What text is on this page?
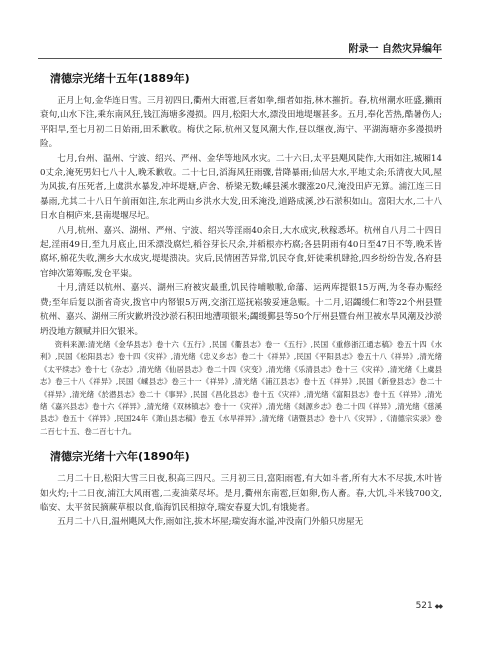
附录一 自然灾异编年
清德宗光绪十五年(1889年)

正月上旬,金华连日雪。三月初四日,衢州大雨雹,巨者如拳,细者如指,林木摧折。春,杭州潮水旺盛,獭雨衰旬,山水下注,乘东南风狂,钱江海塘多漫损。四月,松阳大水,漂没田地堤堰甚多。五月,奉化苦热,酷暑伤人;平阳旱,至七月初二日始雨,田禾歉收。梅伏之际,杭州又复风潮大作,昼以继夜,海宁、平湖海塘亦多漫损坍险。

七月,台州、温州、宁波、绍兴、严州、金华等地风水灾。二十六日,太平县飓风陡作,大雨如注,城厢140丈余,淹死男妇七八十人,晚禾歉收。二十七日,滔海风狂雨骤,昔降暴雨;仙居大水,平地丈余;乐清夜大风,屋为风拔,有压死者,上虞洪水暴发,冲坏堤塘,庐舍、桥梁无数;嵊县溪水骤涨20尺,淹没田庐无算。浦江连三日暴雨,尤其二十八日午前雨如注,东北两山乡洪水大发,田禾淹没,道路成溪,沙石淤积如山。富阳大水,二十八日水自桐庐来,县南堤堰尽圮。

八月,杭州、嘉兴、湖州、严州、宁波、绍兴等淫雨40余日,大水成灾,秋稼悉坏。杭州自八月二十四日起,淫雨49日,至九月底止,田禾漂没腐烂,稻谷芽长尺余,并稻根亦朽腐;各县阴雨有40日至47日不等,晚禾皆腐坏,棉花失收,溯乡大水成灾,堤堤溃决。灾后,民情困苦异常,饥民夺食,奸徒乘机肆抢,四乡纷纷告发,各府县官绅次第筹赈,发仓平粜。

十月,清廷以杭州、嘉兴、湖州三府被灾最重,饥民待哺嗷嗷,命藩、运两库提银15万两,为冬春办赈经费;至年后复以浙省奇灾,拨官中内帑银5万两,交浙江巡抚崧骏妥速急赈。十二月,诏蠲缓仁和等22个州县暨杭州、嘉兴、湖州三所灾歉坍没沙淤石积田地漕项银米;蠲缓鄞县等50个厅州县暨台州卫被水旱风潮及沙淤坍没地方额赋并旧欠银米。

资料来源:清光绪《金华县志》卷十六《五行》,民国《衢县志》卷一《五行》,民国《重修浙江通志稿》卷五十四《水利》,民国《松阳县志》卷十四《灾祥》,清光绪《忠义乡志》卷二十《祥异》,民国《平阳县志》卷五十八《祥异》,清光绪《太平续志》卷十七《杂志》,清光绪《仙居县志》卷二十四《灾变》,清光绪《乐清县志》卷十三《灾祥》,清光绪《上虞县志》卷三十八《祥异》,民国《嵊县志》卷三十一《祥异》,清光绪《浦江县志》卷十五《祥异》,民国《新登县志》卷二十《祥异》,清光绪《於潜县志》卷二十《事异》,民国《昌化县志》卷十五《灾祥》,清光绪《富阳县志》卷十五《祥异》,清光绪《嘉兴县志》卷十六《祥异》,清光绪《双林镇志》卷十一《灾祥》,清光绪《剡源乡志》卷二十四《祥异》,清光绪《慈溪县志》卷五十《祥异》,民国24年《萧山县志稿》卷五《水旱祥异》,清光绪《诸暨县志》卷十八《灾异》,《清德宗实录》卷二百七十五、卷二百七十九。

清德宗光绪十六年(1890年)

二月二十日,松阳大雪三日夜,积高三四尺。三月初三日,富阳雨雹,有大如斗者,所有大木不尽拔,木叶皆如火灼;十二日夜,浦江大风雨雹,二麦油菜尽坏。是月,衢州东南雹,巨如卵,伤人畜。春,大饥,斗米钱700文,临安、太平贫民摘蕨草根以食,临海饥民相掠夺,瑞安春夏大饥,有饿毙者。

五月二十八日,温州飓风大作,雨如注,拔木坏屋;瑞安海水溢,冲没南门外船只房屋无

521 ◆◆
